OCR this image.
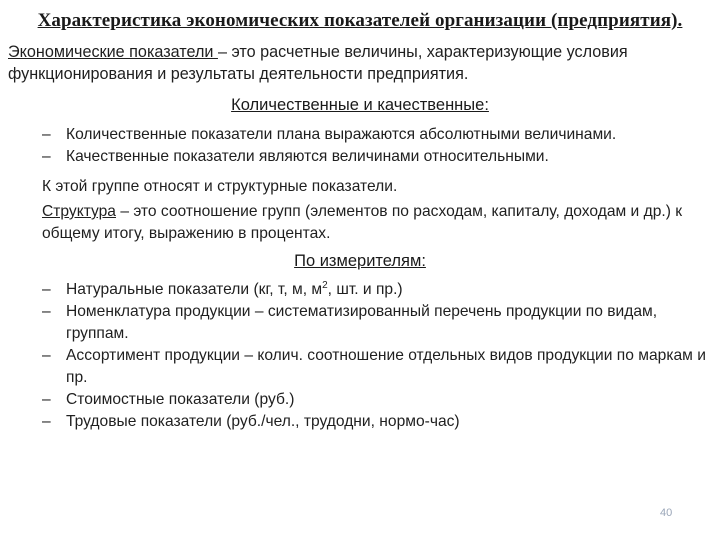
Характеристика экономических показателей организации (предприятия).
Экономические показатели – это расчетные величины, характеризующие условия функционирования и результаты деятельности предприятия.
Количественные и качественные:
– Количественные показатели плана выражаются абсолютными величинами.
– Качественные показатели являются величинами относительными.
К этой группе относят и структурные показатели.
Структура – это соотношение групп (элементов по расходам, капиталу, доходам и др.) к общему итогу, выражению в процентах.
По измерителям:
– Натуральные показатели (кг, т, м, $м^2$, шт. и пр.)
– Номенклатура продукции – систематизированный перечень продукции по видам, группам.
– Ассортимент продукции – колич. соотношение отдельных видов продукции по маркам и пр.
– Стоимостные показатели (руб.)
– Трудовые показатели (руб./чел., трудодни, нормо-час)
40
